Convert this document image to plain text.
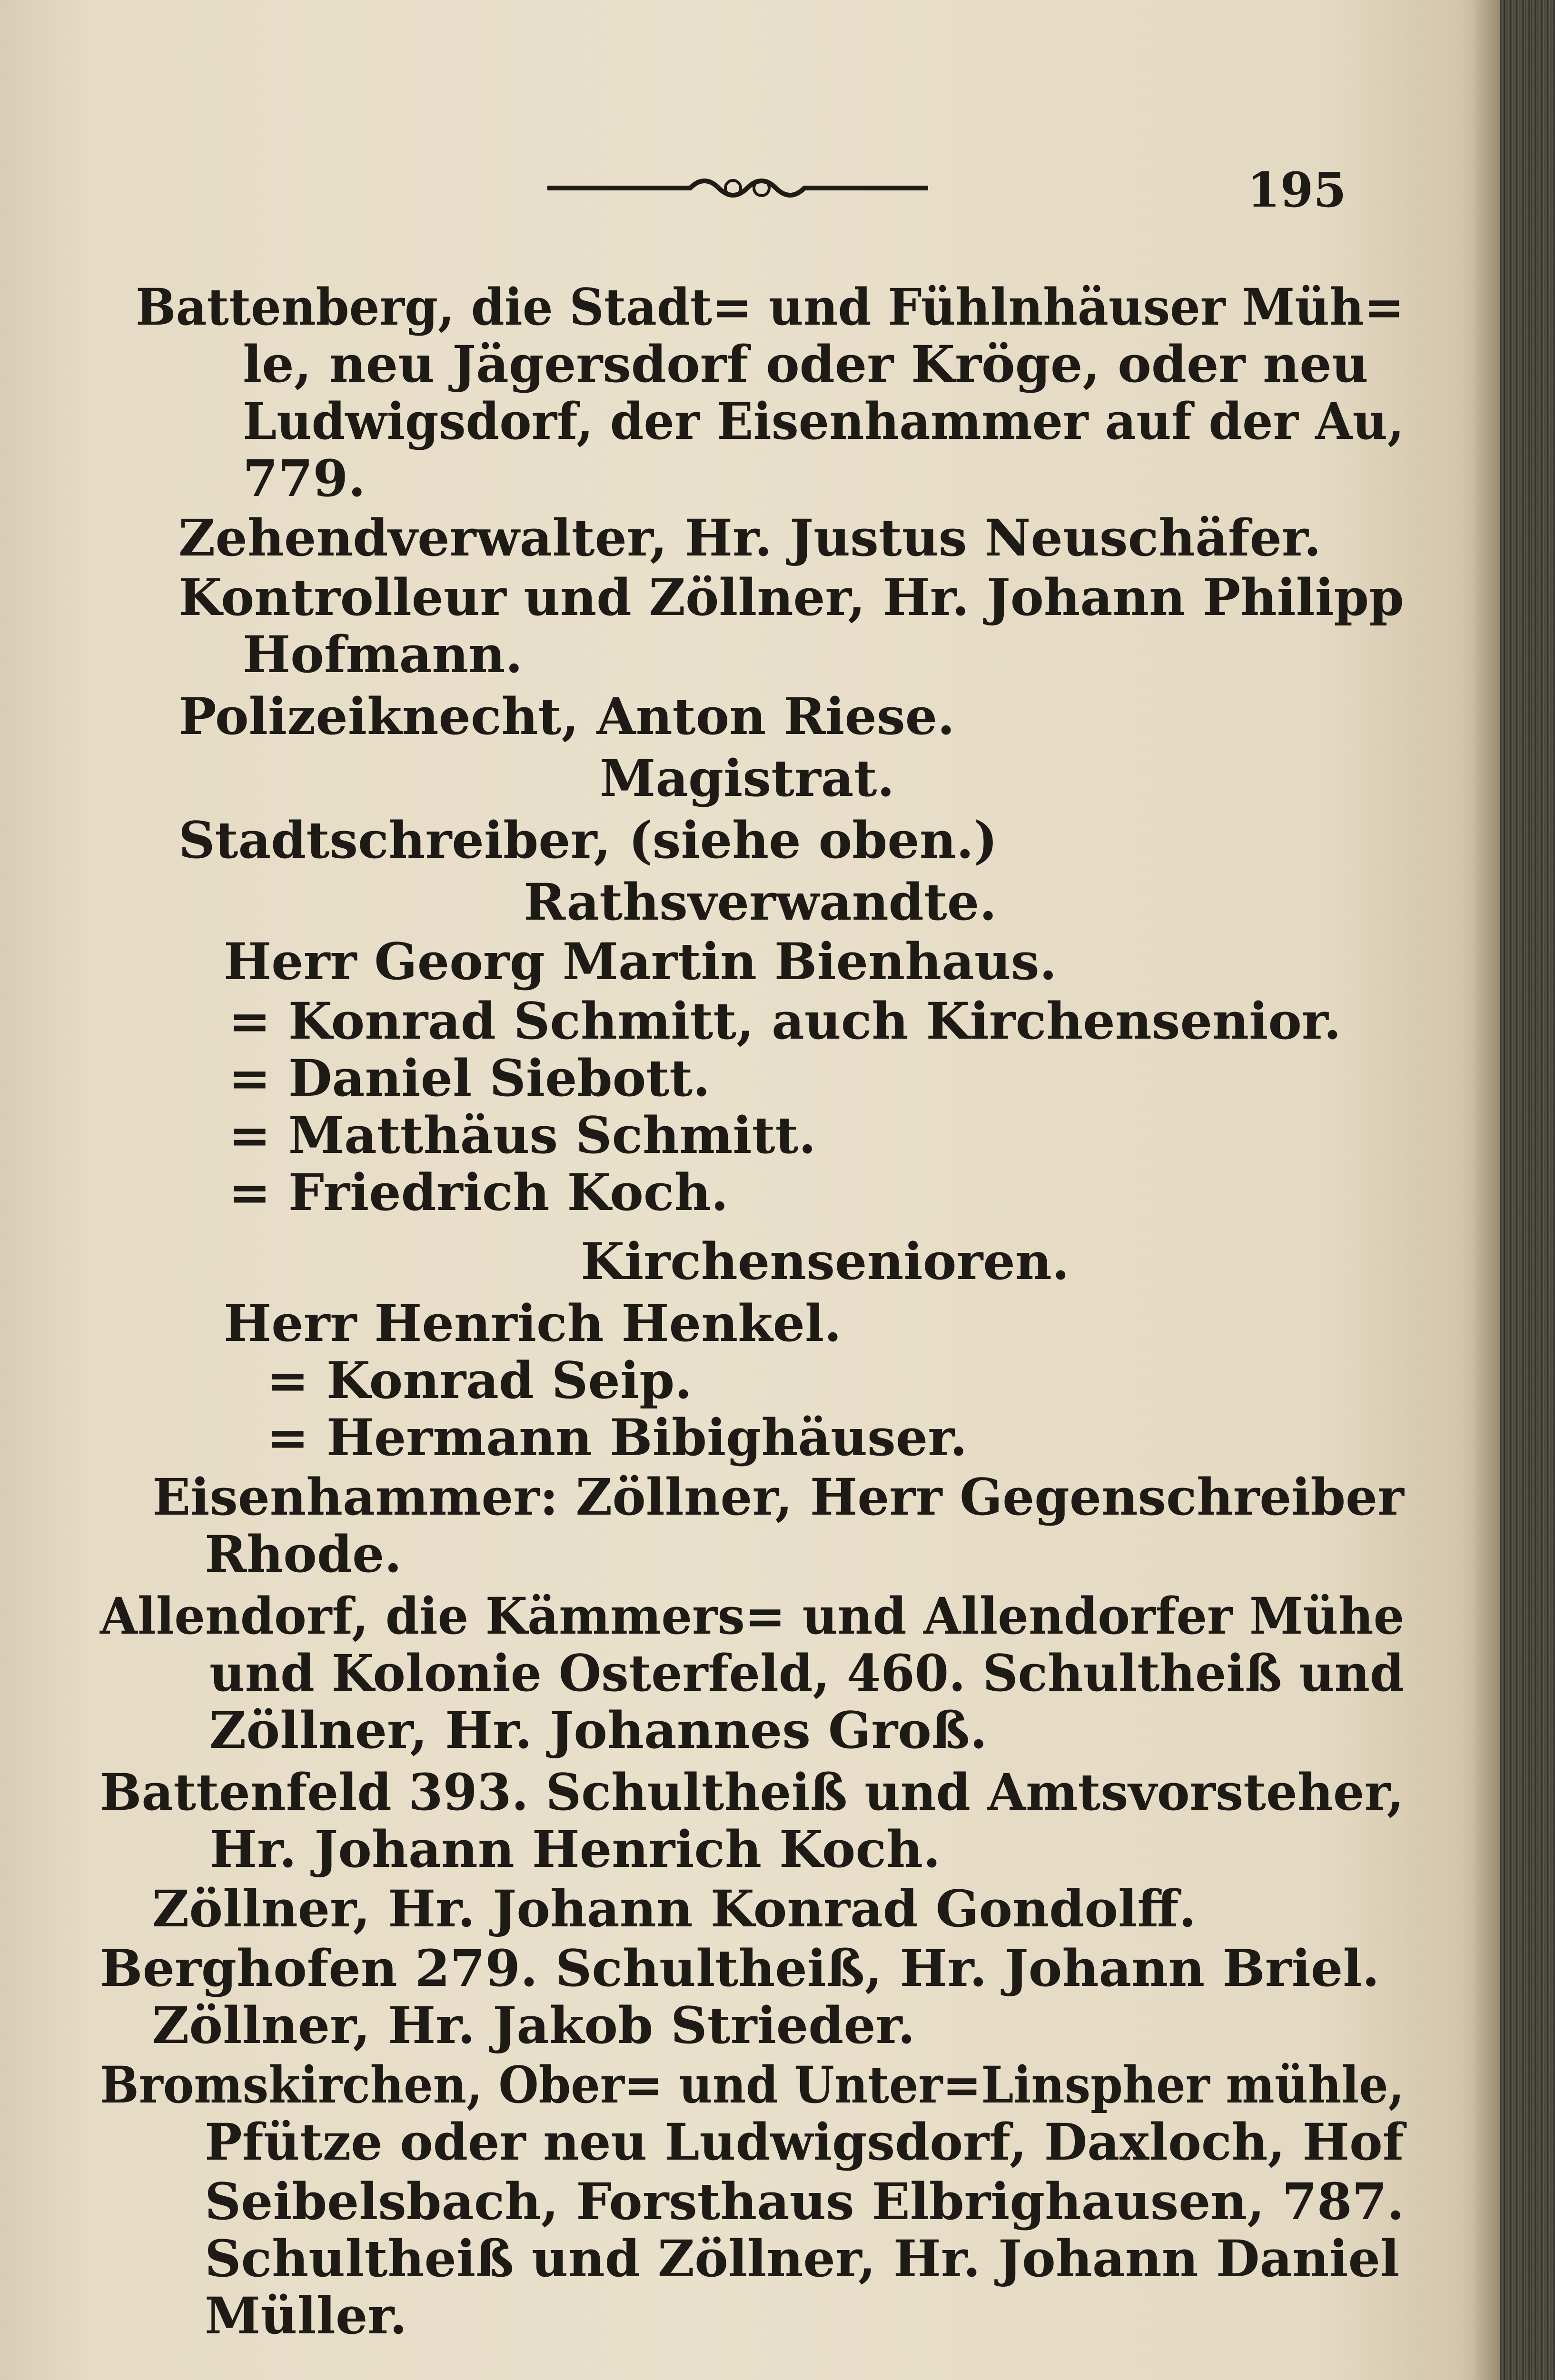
195
Battenberg, die Stadt= und Fühlnhäuser Müh=
le, neu Jägersdorf oder Kröge, oder neu
Ludwigsdorf, der Eisenhammer auf der Au,
779.
Zehendverwalter, Hr. Justus Neuschäfer.
Kontrolleur und Zöllner, Hr. Johann Philipp
Hofmann.
Polizeiknecht, Anton Riese.
Magistrat.
Stadtschreiber, (siehe oben.)
Rathsverwandte.
Herr Georg Martin Bienhaus.
= Konrad Schmitt, auch Kirchensenior.
= Daniel Siebott.
= Matthäus Schmitt.
= Friedrich Koch.
Kirchensenioren.
Herr Henrich Henkel.
= Konrad Seip.
= Hermann Bibighäuser.
Eisenhammer: Zöllner, Herr Gegenschreiber
Rhode.
Allendorf, die Kämmers= und Allendorfer Mühe
und Kolonie Osterfeld, 460. Schultheiß und
Zöllner, Hr. Johannes Groß.
Battenfeld 393. Schultheiß und Amtsvorsteher,
Hr. Johann Henrich Koch.
Zöllner, Hr. Johann Konrad Gondolff.
Berghofen 279. Schultheiß, Hr. Johann Briel.
Zöllner, Hr. Jakob Strieder.
Bromskirchen, Ober= und Unter=Linspher mühle,
Pfütze oder neu Ludwigsdorf, Daxloch, Hof
Seibelsbach, Forsthaus Elbrighausen, 787.
Schultheiß und Zöllner, Hr. Johann Daniel
Müller.
